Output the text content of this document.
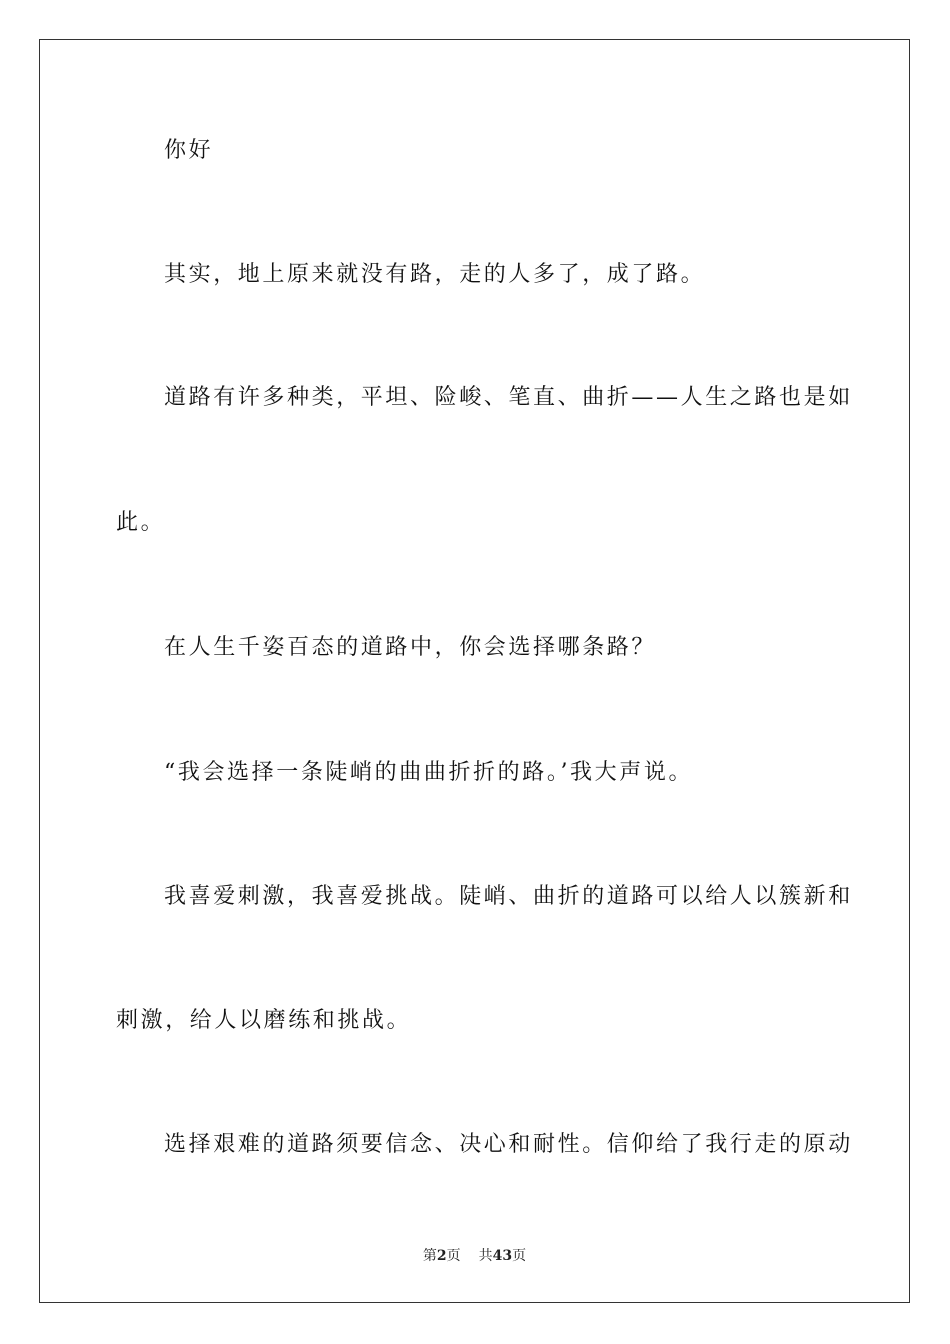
你好
其实，地上原来就没有路，走的人多了，成了路。
道路有许多种类，平坦、险峻、笔直、曲折——人生之路也是如
此。
在人生千姿百态的道路中，你会选择哪条路？
“我会选择一条陡峭的曲曲折折的路。’我大声说。
我喜爱刺激，我喜爱挑战。陡峭、曲折的道路可以给人以簇新和
刺激，给人以磨练和挑战。
选择艰难的道路须要信念、决心和耐性。信仰给了我行走的原动
第2页 共43页
